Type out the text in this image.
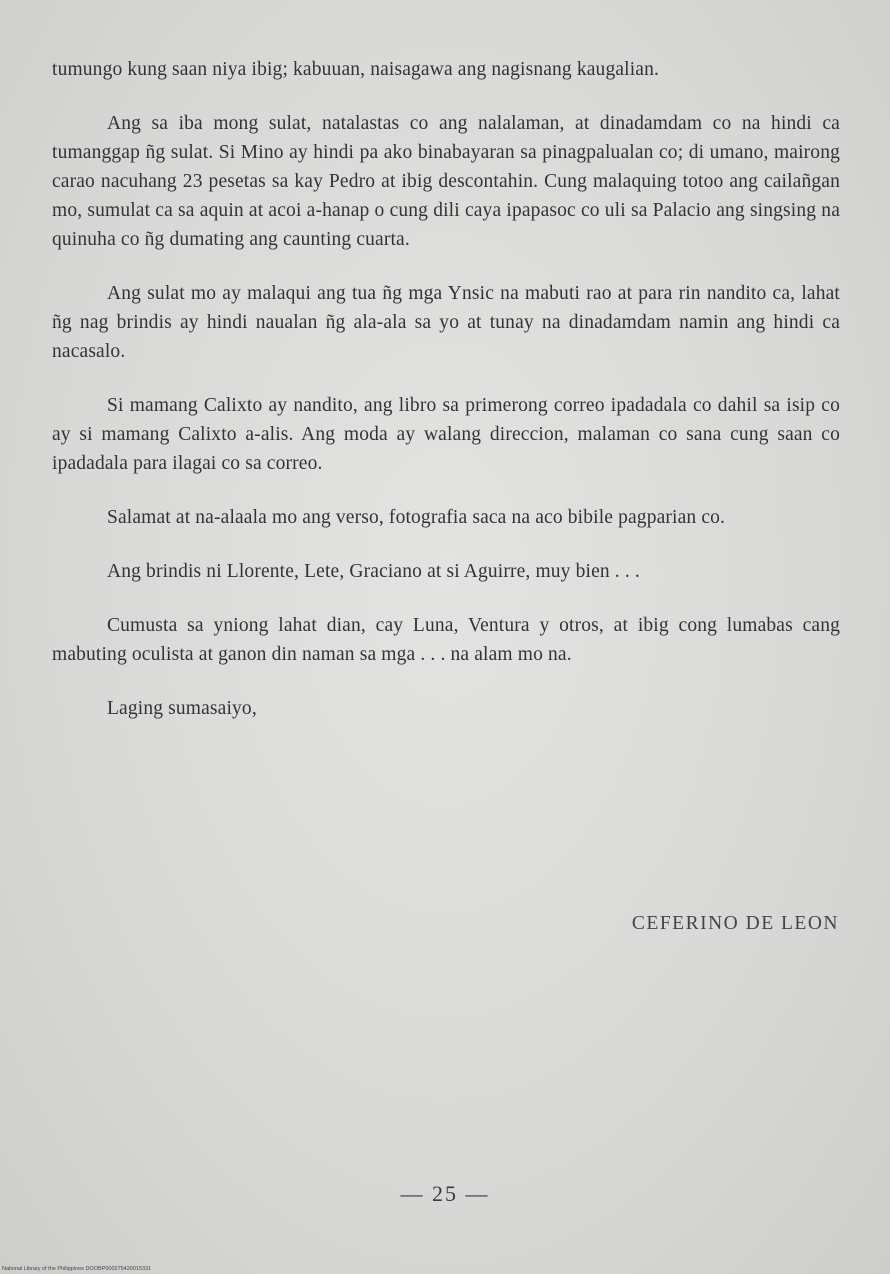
tumungo kung saan niya ibig; kabuuan, naisagawa ang nagisnang kaugalian.

Ang sa iba mong sulat, natalastas co ang nalalaman, at dinadamdam co na hindi ca tumanggap ñg sulat. Si Mino ay hindi pa ako binabayaran sa pinagpalualan co; di umano, mairong carao nacuhang 23 pesetas sa kay Pedro at ibig descontahin. Cung malaquing totoo ang cailañgan mo, sumulat ca sa aquin at acoi a-hanap o cung dili caya ipapasoc co uli sa Palacio ang singsing na quinuha co ñg dumating ang caunting cuarta.

Ang sulat mo ay malaqui ang tua ñg mga Ynsic na mabuti rao at para rin nandito ca, lahat ñg nag brindis ay hindi naualan ñg ala-ala sa yo at tunay na dinadamdam namin ang hindi ca nacasalo.

Si mamang Calixto ay nandito, ang libro sa primerong correo ipadadala co dahil sa isip co ay si mamang Calixto a-alis. Ang moda ay walang direccion, malaman co sana cung saan co ipadadala para ilagai co sa correo.

Salamat at na-alaala mo ang verso, fotografia saca na aco bibile pagparian co.

Ang brindis ni Llorente, Lete, Graciano at si Aguirre, muy bien . . .

Cumusta sa yniong lahat dian, cay Luna, Ventura y otros, at ibig cong lumabas cang mabuting oculista at ganon din naman sa mga . . . na alam mo na.

Laging sumasaiyo,

CEFERINO DE LEON
— 25 —
National Library of the Philippines DOOBP000275420015331
